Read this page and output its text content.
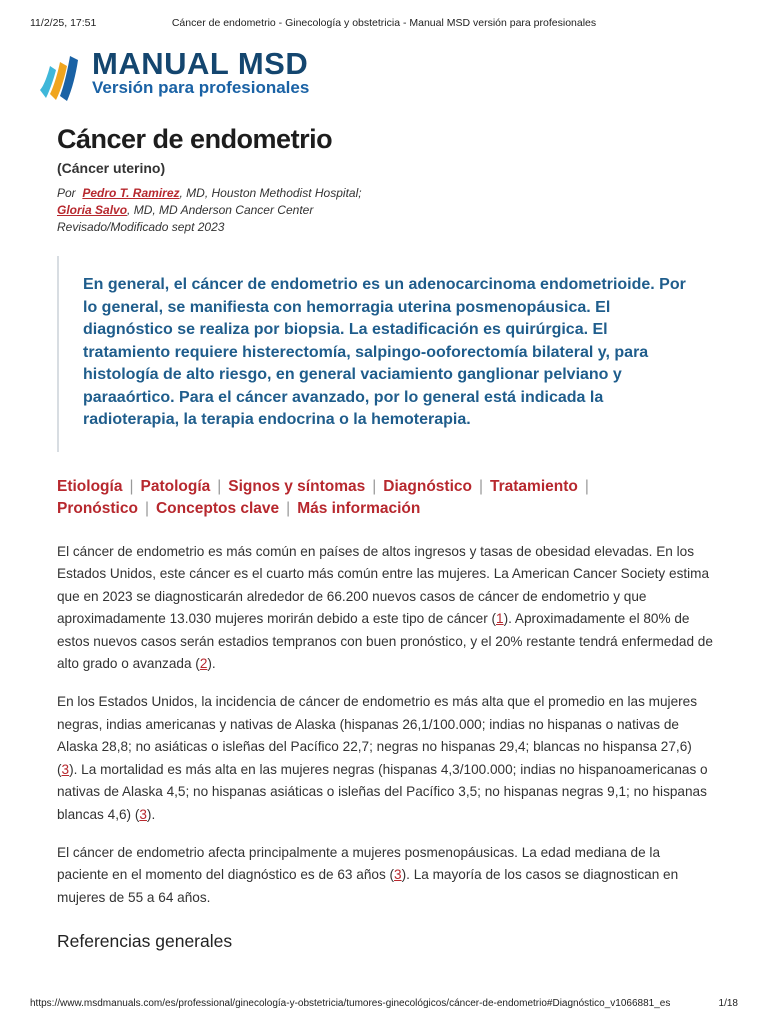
11/2/25, 17:51	Cáncer de endometrio - Ginecología y obstetricia - Manual MSD versión para profesionales
MANUAL MSD
Versión para profesionales
Cáncer de endometrio
(Cáncer uterino)
Por Pedro T. Ramirez, MD, Houston Methodist Hospital;
Gloria Salvo, MD, MD Anderson Cancer Center
Revisado/Modificado sept 2023
En general, el cáncer de endometrio es un adenocarcinoma endometrioide. Por lo general, se manifiesta con hemorragia uterina posmenopáusica. El diagnóstico se realiza por biopsia. La estadificación es quirúrgica. El tratamiento requiere histerectomía, salpingo-ooforectomía bilateral y, para histología de alto riesgo, en general vaciamiento ganglionar pelviano y paraaórtico. Para el cáncer avanzado, por lo general está indicada la radioterapia, la terapia endocrina o la hemoterapia.
Etiología | Patología | Signos y síntomas | Diagnóstico | Tratamiento |
Pronóstico | Conceptos clave | Más información

El cáncer de endometrio es más común en países de altos ingresos y tasas de obesidad elevadas. En los Estados Unidos, este cáncer es el cuarto más común entre las mujeres. La American Cancer Society estima que en 2023 se diagnosticarán alrededor de 66.200 nuevos casos de cáncer de endometrio y que aproximadamente 13.030 mujeres morirán debido a este tipo de cáncer (1). Aproximadamente el 80% de estos nuevos casos serán estadios tempranos con buen pronóstico, y el 20% restante tendrá enfermedad de alto grado o avanzada (2).

En los Estados Unidos, la incidencia de cáncer de endometrio es más alta que el promedio en las mujeres negras, indias americanas y nativas de Alaska (hispanas 26,1/100.000; indias no hispanas o nativas de Alaska 28,8; no asiáticas o isleñas del Pacífico 22,7; negras no hispanas 29,4; blancas no hispansa 27,6) (3). La mortalidad es más alta en las mujeres negras (hispanas 4,3/100.000; indias no hispanoamericanas o nativas de Alaska 4,5; no hispanas asiáticas o isleñas del Pacífico 3,5; no hispanas negras 9,1; no hispanas blancas 4,6) (3).

El cáncer de endometrio afecta principalmente a mujeres posmenopáusicas. La edad mediana de la paciente en el momento del diagnóstico es de 63 años (3). La mayoría de los casos se diagnostican en mujeres de 55 a 64 años.

Referencias generales
https://www.msdmanuals.com/es/professional/ginecología-y-obstetricia/tumores-ginecológicos/cáncer-de-endometrio#Diagnóstico_v1066881_es	1/18
